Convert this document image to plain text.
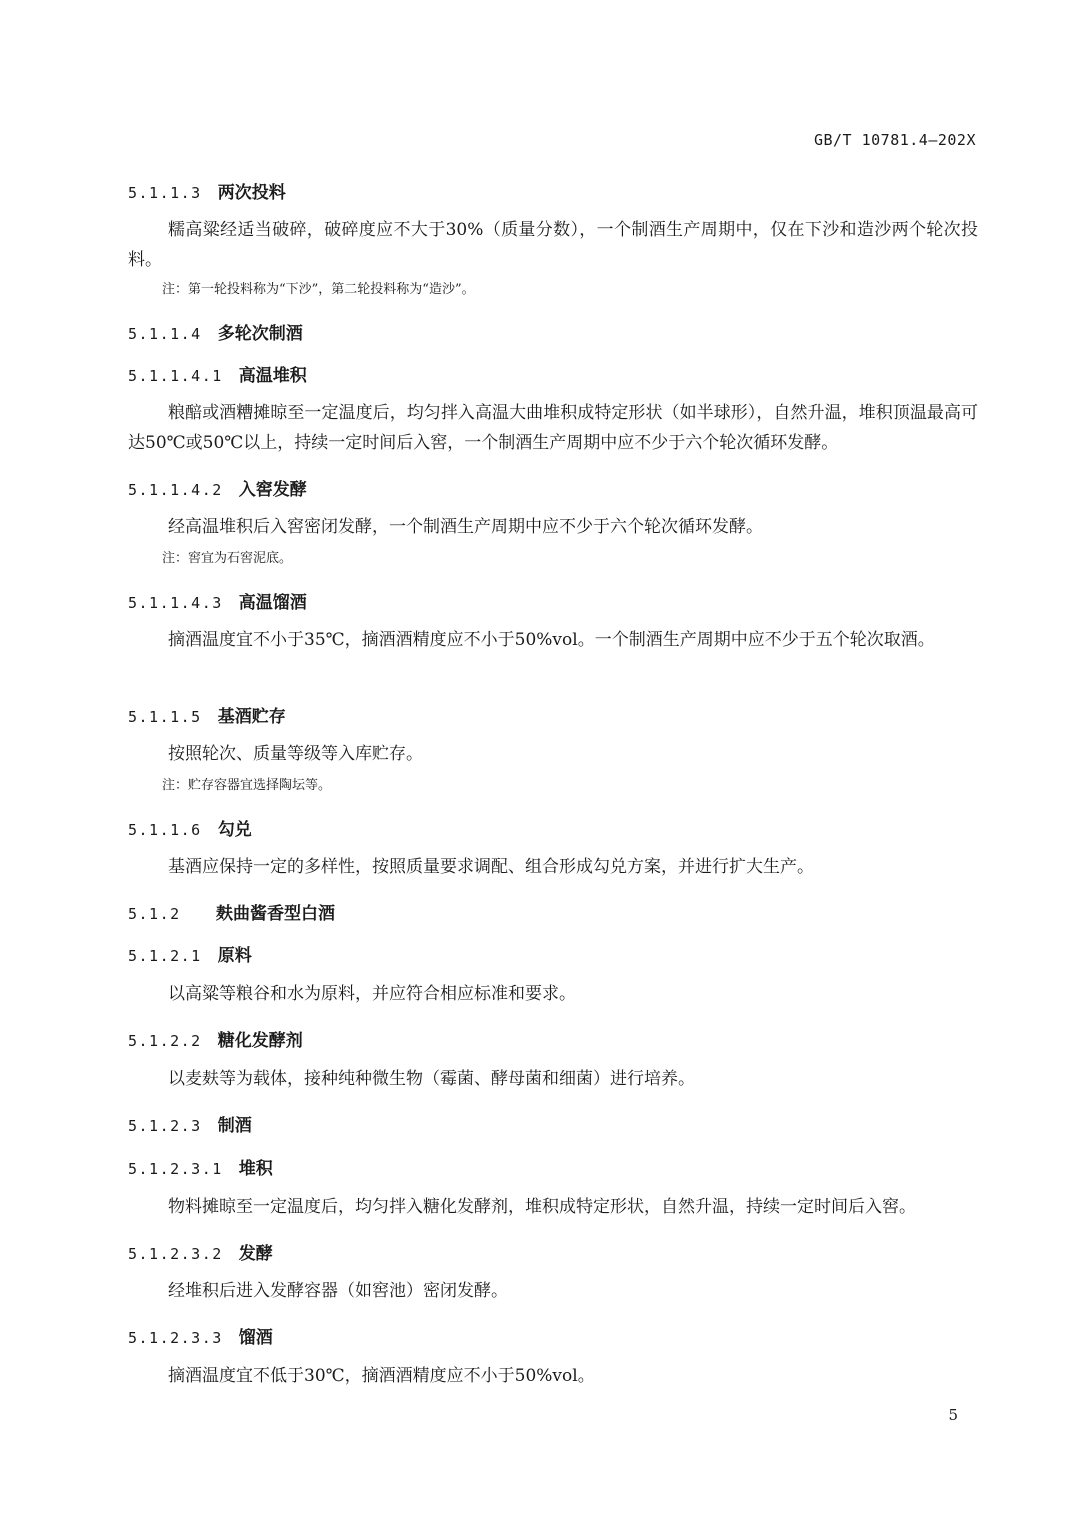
GB/T 10781.4—202X
5.1.1.3 两次投料
糯高粱经适当破碎，破碎度应不大于30%（质量分数），一个制酒生产周期中，仅在下沙和造沙两个轮次投料。
注：第一轮投料称为“下沙”，第二轮投料称为“造沙”。
5.1.1.4 多轮次制酒
5.1.1.4.1 高温堆积
粮醅或酒糟摊晾至一定温度后，均匀拌入高温大曲堆积成特定形状（如半球形），自然升温，堆积顶温最高可达50℃或50℃以上，持续一定时间后入窖，一个制酒生产周期中应不少于六个轮次循环发酵。
5.1.1.4.2 入窖发酵
经高温堆积后入窖密闭发酵，一个制酒生产周期中应不少于六个轮次循环发酵。
注：窖宜为石窖泥底。
5.1.1.4.3 高温馏酒
摘酒温度宜不小于35℃，摘酒酒精度应不小于50%vol。一个制酒生产周期中应不少于五个轮次取酒。
5.1.1.5 基酒贮存
按照轮次、质量等级等入库贮存。
注：贮存容器宜选择陶坛等。
5.1.1.6 勾兑
基酒应保持一定的多样性，按照质量要求调配、组合形成勾兑方案，并进行扩大生产。
5.1.2 麸曲酱香型白酒
5.1.2.1 原料
以高粱等粮谷和水为原料，并应符合相应标准和要求。
5.1.2.2 糖化发酵剂
以麦麸等为载体，接种纯种微生物（霉菌、酵母菌和细菌）进行培养。
5.1.2.3 制酒
5.1.2.3.1 堆积
物料摊晾至一定温度后，均匀拌入糖化发酵剂，堆积成特定形状，自然升温，持续一定时间后入窖。
5.1.2.3.2 发酵
经堆积后进入发酵容器（如窖池）密闭发酵。
5.1.2.3.3 馏酒
摘酒温度宜不低于30℃，摘酒酒精度应不小于50%vol。
5
